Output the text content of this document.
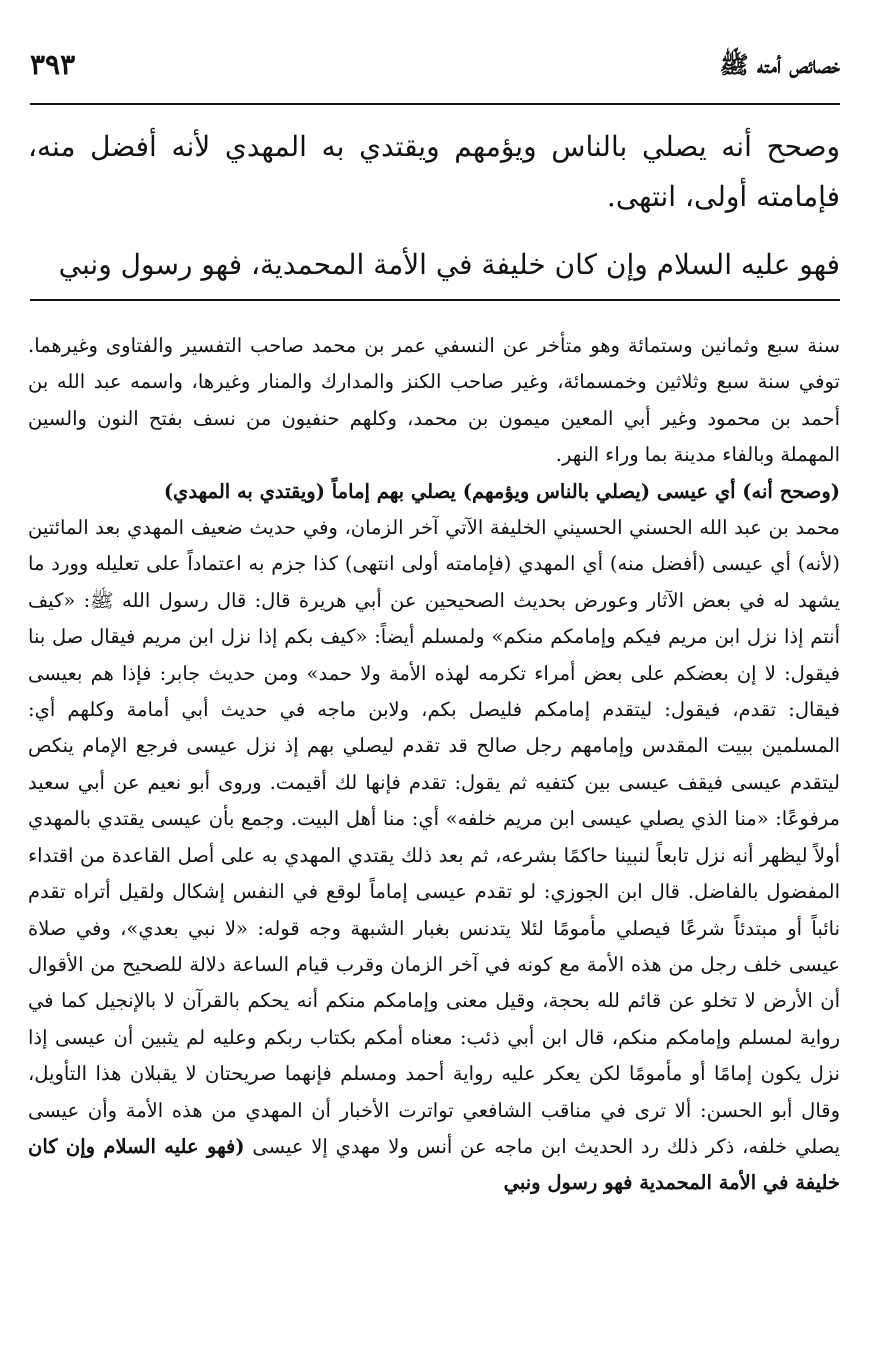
خصائص أمته ﷺ
٣٩٣

وصحح أنه يصلي بالناس ويؤمهم ويقتدي به المهدي لأنه أفضل منه، فإمامته أولى، انتهى.

فهو عليه السلام وإن كان خليفة في الأمة المحمدية، فهو رسول ونبي

سنة سبع وثمانين وستمائة وهو متأخر عن النسفي عمر بن محمد صاحب التفسير والفتاوى وغيرهما. توفي سنة سبع وثلاثين وخمسمائة، وغير صاحب الكنز والمدارك والمنار وغيرها، واسمه عبد الله بن أحمد بن محمود وغير أبي المعين ميمون بن محمد، وكلهم حنفيون من نسف بفتح النون والسين المهملة وبالفاء مدينة بما وراء النهر.

(وصحح أنه) أي عيسى (يصلي بالناس ويؤمهم) يصلي بهم إماماً (ويقتدي به المهدي)

محمد بن عبد الله الحسني الحسيني الخليفة الآتي آخر الزمان، وفي حديث ضعيف المهدي بعد المائتين (لأنه) أي عيسى (أفضل منه) أي المهدي (فإمامته أولى انتهى) كذا جزم به اعتماداً على تعليله وورد ما يشهد له في بعض الآثار وعورض بحديث الصحيحين عن أبي هريرة قال: قال رسول الله ﷺ: «كيف أنتم إذا نزل ابن مريم فيكم وإمامكم منكم» ولمسلم أيضاً: «كيف بكم إذا نزل ابن مريم فيقال صل بنا فيقول: لا إن بعضكم على بعض أمراء تكرمه لهذه الأمة ولا حمد» ومن حديث جابر: فإذا هم بعيسى فيقال: تقدم، فيقول: ليتقدم إمامكم فليصل بكم، ولابن ماجه في حديث أبي أمامة وكلهم أي: المسلمين ببيت المقدس وإمامهم رجل صالح قد تقدم ليصلي بهم إذ نزل عيسى فرجع الإمام ينكص ليتقدم عيسى فيقف عيسى بين كتفيه ثم يقول: تقدم فإنها لك أقيمت. وروى أبو نعيم عن أبي سعيد مرفوعًا: «منا الذي يصلي عيسى ابن مريم خلفه» أي: منا أهل البيت. وجمع بأن عيسى يقتدي بالمهدي أولاً ليظهر أنه نزل تابعاً لنبينا حاكمًا بشرعه، ثم بعد ذلك يقتدي المهدي به على أصل القاعدة من اقتداء المفضول بالفاضل. قال ابن الجوزي: لو تقدم عيسى إماماً لوقع في النفس إشكال ولقيل أتراه تقدم نائباً أو مبتدئاً شرعًا فيصلي مأمومًا لئلا يتدنس بغبار الشبهة وجه قوله: «لا نبي بعدي»، وفي صلاة عيسى خلف رجل من هذه الأمة مع كونه في آخر الزمان وقرب قيام الساعة دلالة للصحيح من الأقوال أن الأرض لا تخلو عن قائم لله بحجة، وقيل معنى وإمامكم منكم أنه يحكم بالقرآن لا بالإنجيل كما في رواية لمسلم وإمامكم منكم، قال ابن أبي ذئب: معناه أمكم بكتاب ربكم وعليه لم يثبين أن عيسى إذا نزل يكون إمامًا أو مأمومًا لكن يعكر عليه رواية أحمد ومسلم فإنهما صريحتان لا يقبلان هذا التأويل، وقال أبو الحسن: ألا ترى في مناقب الشافعي تواترت الأخبار أن المهدي من هذه الأمة وأن عيسى يصلي خلفه، ذكر ذلك رد الحديث ابن ماجه عن أنس ولا مهدي إلا عيسى (فهو عليه السلام وإن كان خليفة في الأمة المحمدية فهو رسول ونبي
